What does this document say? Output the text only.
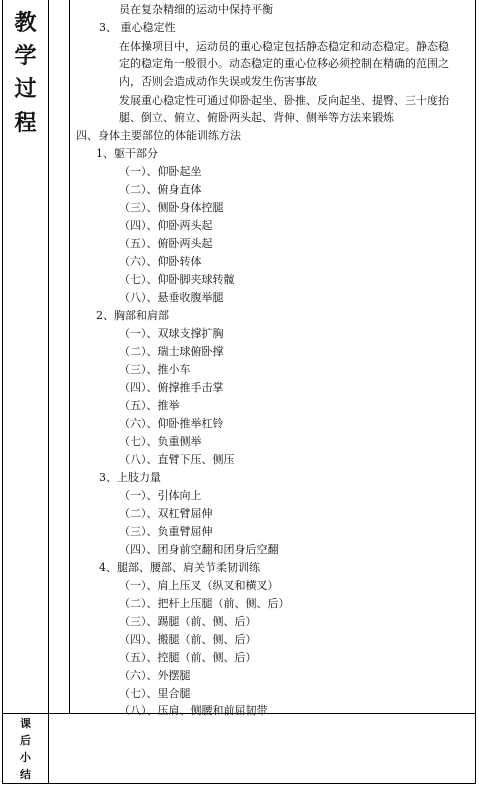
教
学
过
程
课
后
小
结
员在复杂精细的运动中保持平衡
3、 重心稳定性
在体操项目中，运动员的重心稳定包括静态稳定和动态稳定。静态稳
定的稳定角一般很小。动态稳定的重心位移必须控制在精确的范围之
内，否则会造成动作失误或发生伤害事故
发展重心稳定性可通过仰卧起坐、卧推、反向起坐、提臀、三十度抬
腿、倒立、俯立、俯卧两头起、背伸、侧举等方法来锻炼
四、身体主要部位的体能训练方法
1、躯干部分
（一）、仰卧起坐
（二）、俯身直体
（三）、侧卧身体控腿
（四）、仰卧两头起
（五）、俯卧两头起
（六）、仰卧转体
（七）、仰卧脚夹球转髋
（八）、悬垂收腹举腿
2、胸部和肩部
（一）、双球支撑扩胸
（二）、瑞士球俯卧撑
（三）、推小车
（四）、俯撑推手击掌
（五）、推举
（六）、仰卧推举杠铃
（七）、负重侧举
（八）、直臂下压、侧压
3、上肢力量
（一）、引体向上
（二）、双杠臂屈伸
（三）、负重臂屈伸
（四）、团身前空翻和团身后空翻
4、腿部、腰部、肩关节柔韧训练
（一）、肩上压叉（纵叉和横叉）
（二）、把杆上压腿（前、侧、后）
（三）、踢腿（前、侧、后）
（四）、搬腿（前、侧、后）
（五）、控腿（前、侧、后）
（六）、外摆腿
（七）、里合腿
（八）、压肩、侧腰和前屈韧带
